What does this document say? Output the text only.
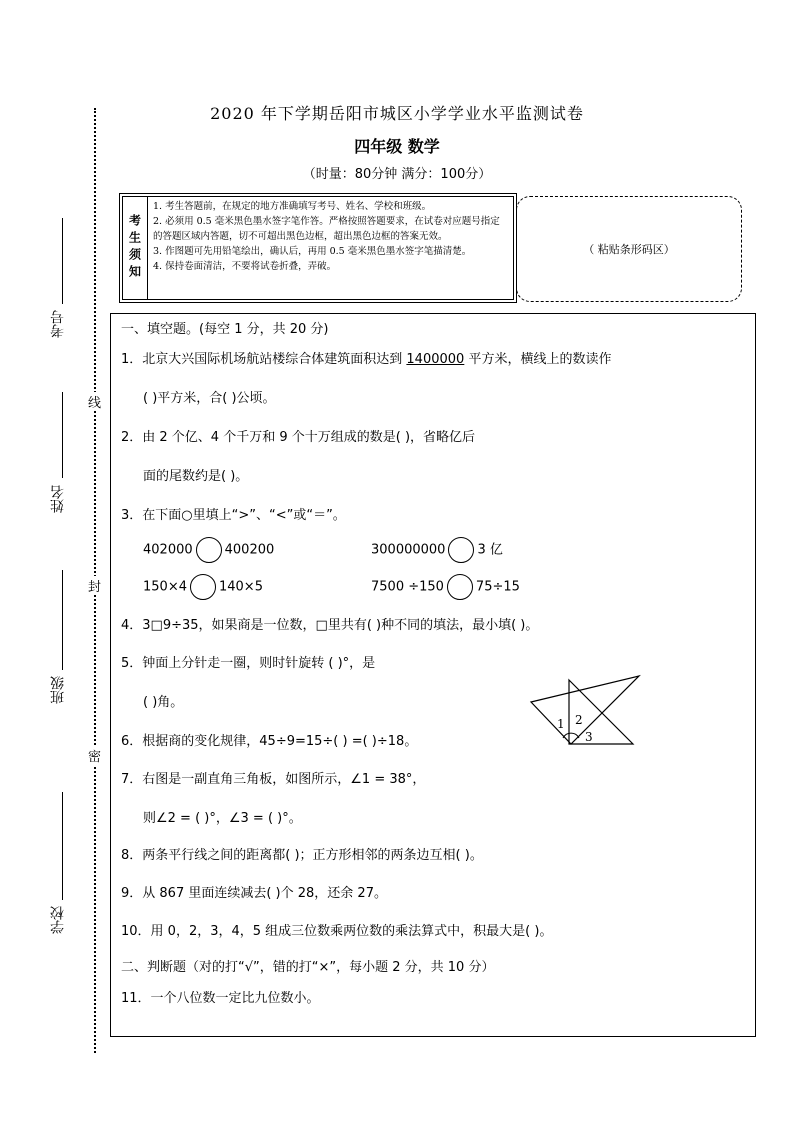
线
封
密
考号
姓名
班级
学校
2020 年下学期岳阳市城区小学学业水平监测试卷
四年级 数学
（时量：80分钟 满分：100分）
考生须知
1. 考生答题前，在规定的地方准确填写考号、姓名、学校和班级。
2. 必须用 0.5 毫米黑色墨水签字笔作答。严格按照答题要求，在试卷对应题号指定的答题区域内答题，切不可超出黑色边框，超出黑色边框的答案无效。
3. 作图题可先用铅笔绘出，确认后，再用 0.5 毫米黑色墨水签字笔描清楚。
4. 保持卷面清洁，不要将试卷折叠，弄破。
（ 粘贴条形码区）
一、填空题。(每空 1 分，共 20 分)
1．北京大兴国际机场航站楼综合体建筑面积达到 1400000 平方米，横线上的数读作
( )平方米，合( )公顷。
2．由 2 个亿、4 个千万和 9 个十万组成的数是( )，省略亿后
面的尾数约是( )。
3．在下面○里填上“>”、“<”或“＝”。
402000 400200	300000000 3 亿
150×4 140×5	7500 ÷150 75÷15
4．3□9÷35，如果商是一位数，□里共有( )种不同的填法，最小填( )。
5．钟面上分针走一圈，则时针旋转 ( )°，是
( )角。
1 2
3
6．根据商的变化规律，45÷9=15÷( ) =( )÷18。
7．右图是一副直角三角板，如图所示，∠1 = 38°，
则∠2 = ( )°，∠3 = ( )°。
8．两条平行线之间的距离都( )；正方形相邻的两条边互相( )。
9．从 867 里面连续减去( )个 28，还余 27。
10．用 0，2，3，4，5 组成三位数乘两位数的乘法算式中，积最大是( )。
二、判断题（对的打“√”，错的打“×”，每小题 2 分，共 10 分）
11．一个八位数一定比九位数小。
